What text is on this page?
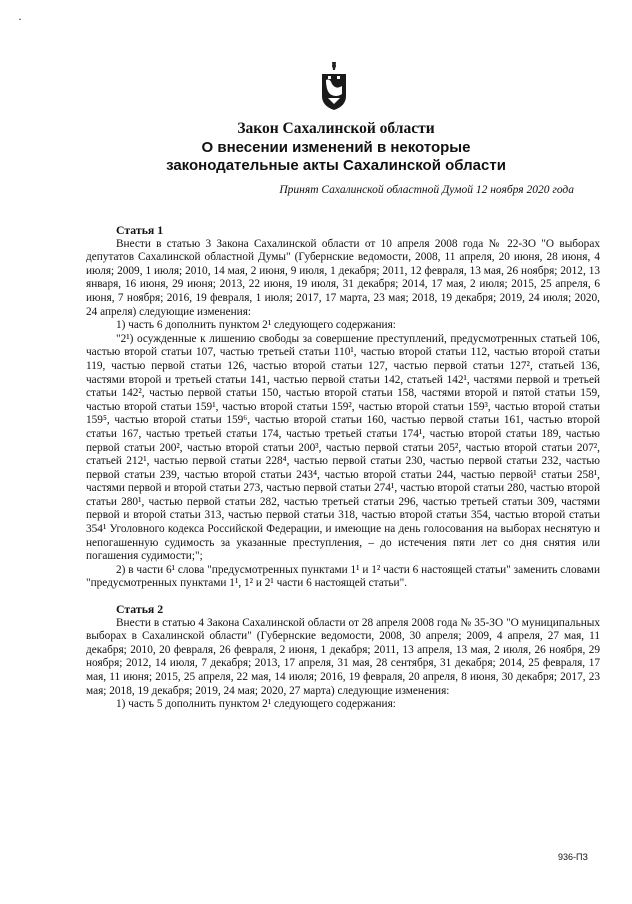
·
Закон Сахалинской области
О внесении изменений в некоторые
законодательные акты Сахалинской области
Принят Сахалинской областной Думой 12 ноября 2020 года

Статья 1

Внести в статью 3 Закона Сахалинской области от 10 апреля 2008 года № 22-ЗО "О выборах депутатов Сахалинской областной Думы" (Губернские ведомости, 2008, 11 апреля, 20 июня, 28 июня, 4 июля; 2009, 1 июля; 2010, 14 мая, 2 июня, 9 июля, 1 декабря; 2011, 12 февраля, 13 мая, 26 ноября; 2012, 13 января, 16 июня, 29 июня; 2013, 22 июня, 19 июля, 31 декабря; 2014, 17 мая, 2 июля; 2015, 25 апреля, 6 июня, 7 ноября; 2016, 19 февраля, 1 июля; 2017, 17 марта, 23 мая; 2018, 19 декабря; 2019, 24 июля; 2020, 24 апреля) следующие изменения:

1) часть 6 дополнить пунктом 2¹ следующего содержания:

"2¹) осужденные к лишению свободы за совершение преступлений, предусмотренных статьей 106, частью второй статьи 107, частью третьей статьи 110¹, частью второй статьи 112, частью второй статьи 119, частью первой статьи 126, частью второй статьи 127, частью первой статьи 127², статьей 136, частями второй и третьей статьи 141, частью первой статьи 142, статьей 142¹, частями первой и третьей статьи 142², частью первой статьи 150, частью второй статьи 158, частями второй и пятой статьи 159, частью второй статьи 159¹, частью второй статьи 159², частью второй статьи 159³, частью второй статьи 159⁵, частью второй статьи 159⁶, частью второй статьи 160, частью первой статьи 161, частью второй статьи 167, частью третьей статьи 174, частью третьей статьи 174¹, частью второй статьи 189, частью первой статьи 200², частью второй статьи 200³, частью первой статьи 205², частью второй статьи 207², статьей 212¹, частью первой статьи 228⁴, частью первой статьи 230, частью первой статьи 232, частью первой статьи 239, частью второй статьи 243⁴, частью второй статьи 244, частью первой¹ статьи 258¹, частями первой и второй статьи 273, частью первой статьи 274¹, частью второй статьи 280, частью второй статьи 280¹, частью первой статьи 282, частью третьей статьи 296, частью третьей статьи 309, частями первой и второй статьи 313, частью первой статьи 318, частью второй статьи 354, частью второй статьи 354¹ Уголовного кодекса Российской Федерации, и имеющие на день голосования на выборах неснятую и непогашенную судимость за указанные преступления, – до истечения пяти лет со дня снятия или погашения судимости;";

2) в части 6¹ слова "предусмотренных пунктами 1¹ и 1² части 6 настоящей статьи" заменить словами "предусмотренных пунктами 1¹, 1² и 2¹ части 6 настоящей статьи".

Статья 2

Внести в статью 4 Закона Сахалинской области от 28 апреля 2008 года № 35-ЗО "О муниципальных выборах в Сахалинской области" (Губернские ведомости, 2008, 30 апреля; 2009, 4 апреля, 27 мая, 11 декабря; 2010, 20 февраля, 26 февраля, 2 июня, 1 декабря; 2011, 13 апреля, 13 мая, 2 июля, 26 ноября, 29 ноября; 2012, 14 июля, 7 декабря; 2013, 17 апреля, 31 мая, 28 сентября, 31 декабря; 2014, 25 февраля, 17 мая, 11 июня; 2015, 25 апреля, 22 мая, 14 июля; 2016, 19 февраля, 20 апреля, 8 июня, 30 декабря; 2017, 23 мая; 2018, 19 декабря; 2019, 24 мая; 2020, 27 марта) следующие изменения:

1) часть 5 дополнить пунктом 2¹ следующего содержания:

936-ПЗ
